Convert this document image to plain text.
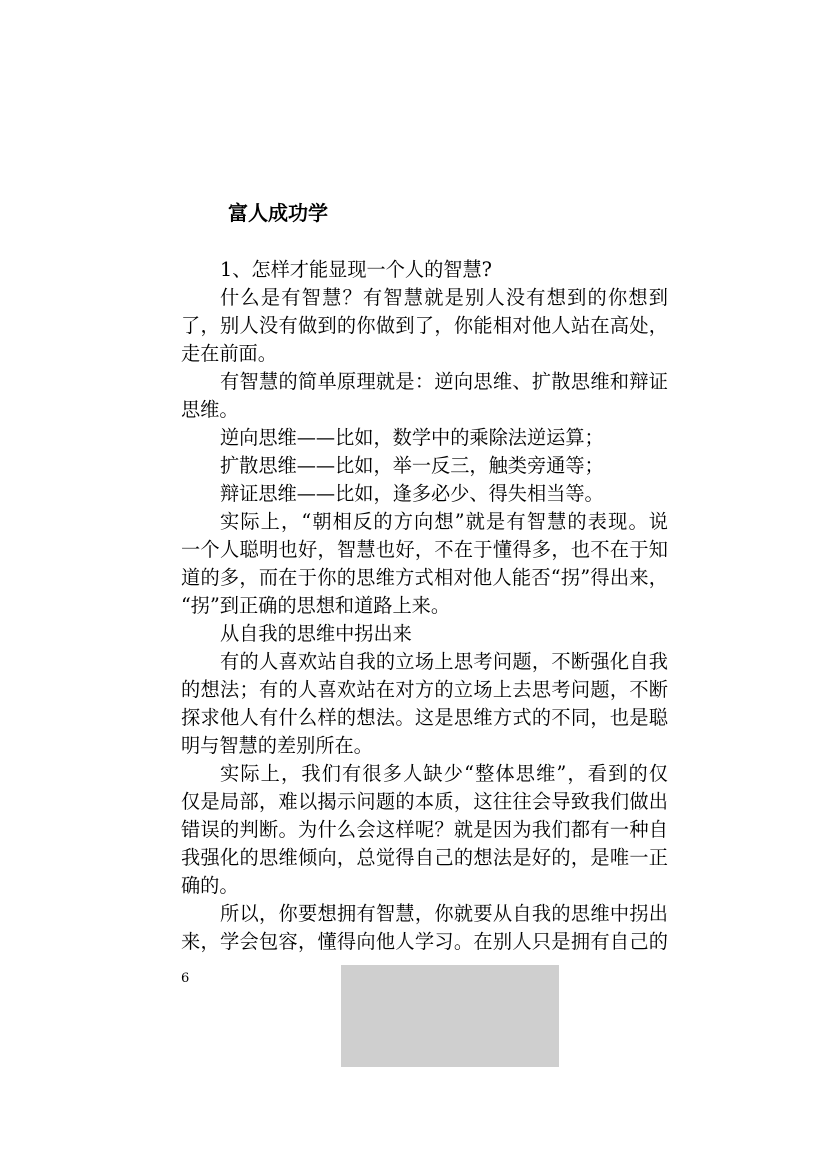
富人成功学
1、怎样才能显现一个人的智慧?
什么是有智慧？有智慧就是别人没有想到的你想到
了，别人没有做到的你做到了，你能相对他人站在高处，
走在前面。
有智慧的简单原理就是：逆向思维、扩散思维和辩证
思维。
逆向思维——比如，数学中的乘除法逆运算；
扩散思维——比如，举一反三，触类旁通等；
辩证思维——比如，逢多必少、得失相当等。
实际上，“朝相反的方向想”就是有智慧的表现。说
一个人聪明也好，智慧也好，不在于懂得多，也不在于知
道的多，而在于你的思维方式相对他人能否“拐”得出来，
“拐”到正确的思想和道路上来。
从自我的思维中拐出来
有的人喜欢站自我的立场上思考问题，不断强化自我
的想法；有的人喜欢站在对方的立场上去思考问题，不断
探求他人有什么样的想法。这是思维方式的不同，也是聪
明与智慧的差别所在。
实际上，我们有很多人缺少“整体思维”，看到的仅
仅是局部，难以揭示问题的本质，这往往会导致我们做出
错误的判断。为什么会这样呢？就是因为我们都有一种自
我强化的思维倾向，总觉得自己的想法是好的，是唯一正
确的。
所以，你要想拥有智慧，你就要从自我的思维中拐出
来，学会包容，懂得向他人学习。在别人只是拥有自己的
6
